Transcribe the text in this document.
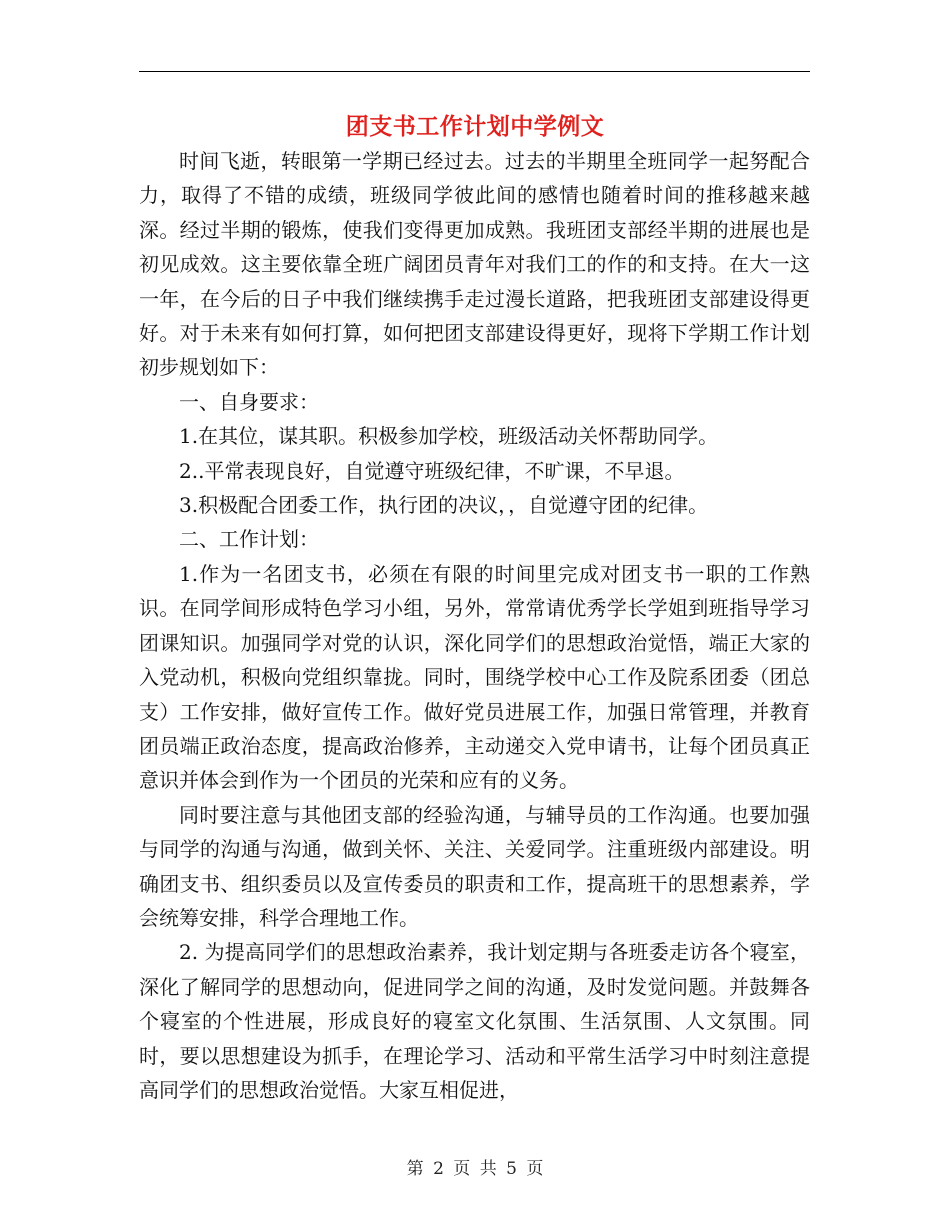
团支书工作计划中学例文

时间飞逝，转眼第一学期已经过去。过去的半期里全班同学一起努配合力，取得了不错的成绩，班级同学彼此间的感情也随着时间的推移越来越深。经过半期的锻炼，使我们变得更加成熟。我班团支部经半期的进展也是初见成效。这主要依靠全班广阔团员青年对我们工的作的和支持。在大一这一年，在今后的日子中我们继续携手走过漫长道路，把我班团支部建设得更好。对于未来有如何打算，如何把团支部建设得更好，现将下学期工作计划初步规划如下：

一、自身要求：

1.在其位，谋其职。积极参加学校，班级活动关怀帮助同学。

2..平常表现良好，自觉遵守班级纪律，不旷课，不早退。

3.积极配合团委工作，执行团的决议，，自觉遵守团的纪律。

二、工作计划：

1.作为一名团支书，必须在有限的时间里完成对团支书一职的工作熟识。在同学间形成特色学习小组，另外，常常请优秀学长学姐到班指导学习团课知识。加强同学对党的认识，深化同学们的思想政治觉悟，端正大家的入党动机，积极向党组织靠拢。同时，围绕学校中心工作及院系团委（团总支）工作安排，做好宣传工作。做好党员进展工作，加强日常管理，并教育团员端正政治态度，提高政治修养，主动递交入党申请书，让每个团员真正意识并体会到作为一个团员的光荣和应有的义务。

同时要注意与其他团支部的经验沟通，与辅导员的工作沟通。也要加强与同学的沟通与沟通，做到关怀、关注、关爱同学。注重班级内部建设。明确团支书、组织委员以及宣传委员的职责和工作，提高班干的思想素养，学会统筹安排，科学合理地工作。

2. 为提高同学们的思想政治素养，我计划定期与各班委走访各个寝室，深化了解同学的思想动向，促进同学之间的沟通，及时发觉问题。并鼓舞各个寝室的个性进展，形成良好的寝室文化氛围、生活氛围、人文氛围。同时，要以思想建设为抓手，在理论学习、活动和平常生活学习中时刻注意提高同学们的思想政治觉悟。大家互相促进，

第 2 页 共 5 页
